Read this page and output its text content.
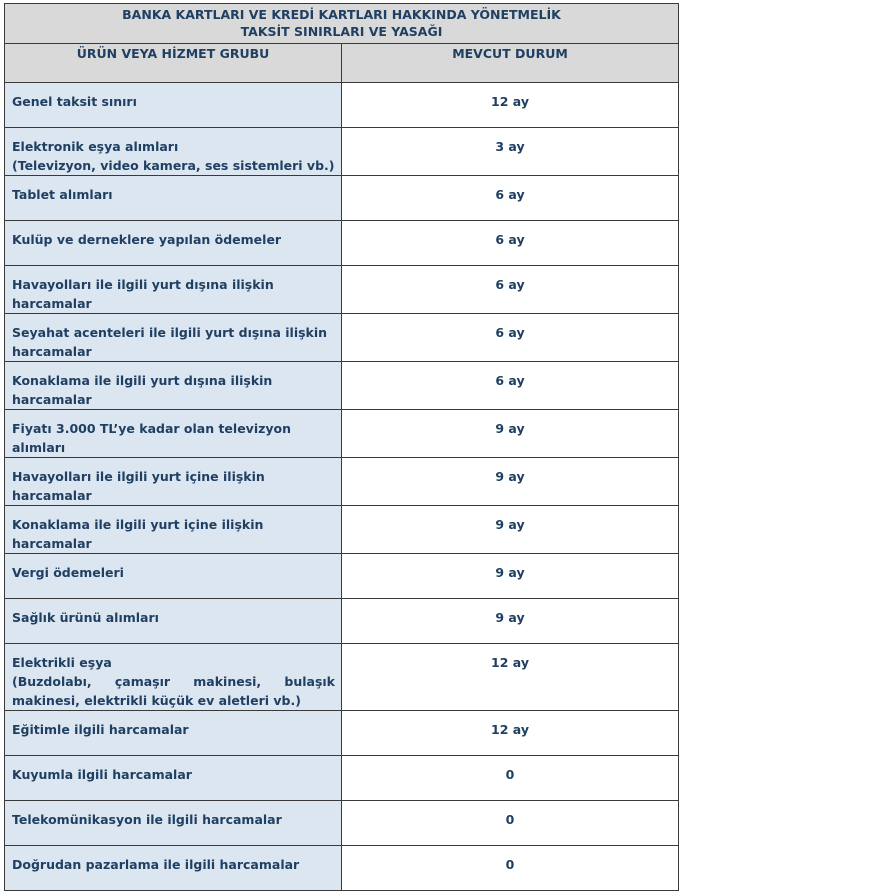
BANKA KARTLARI VE KREDİ KARTLARI HAKKINDA YÖNETMELİK
TAKSİT SINIRLARI VE YASAĞI	

ÜRÜN VEYA HİZMET GRUBU	MEVCUT DURUM
Genel taksit sınırı	12 ay

Elektronik eşya alımları
(Televizyon, video kamera, ses sistemleri vb.)	3 ay
Tablet alımları	6 ay
Kulüp ve derneklere yapılan ödemeler	6 ay
Havayolları ile ilgili yurt dışına ilişkin harcamalar	6 ay
Seyahat acenteleri ile ilgili yurt dışına ilişkin harcamalar	6 ay
Konaklama ile ilgili yurt dışına ilişkin harcamalar	6 ay
Fiyatı 3.000 TL’ye kadar olan televizyon alımları	9 ay
Havayolları ile ilgili yurt içine ilişkin harcamalar	9 ay
Konaklama ile ilgili yurt içine ilişkin harcamalar	9 ay
Vergi ödemeleri	9 ay
Sağlık ürünü alımları	9 ay

Elektrikli eşya
(Buzdolabı, çamaşır makinesi, bulaşık makinesi, elektrikli küçük ev aletleri vb.)	12 ay
Eğitimle ilgili harcamalar	12 ay
Kuyumla ilgili harcamalar	0
Telekomünikasyon ile ilgili harcamalar	0
Doğrudan pazarlama ile ilgili harcamalar	0
